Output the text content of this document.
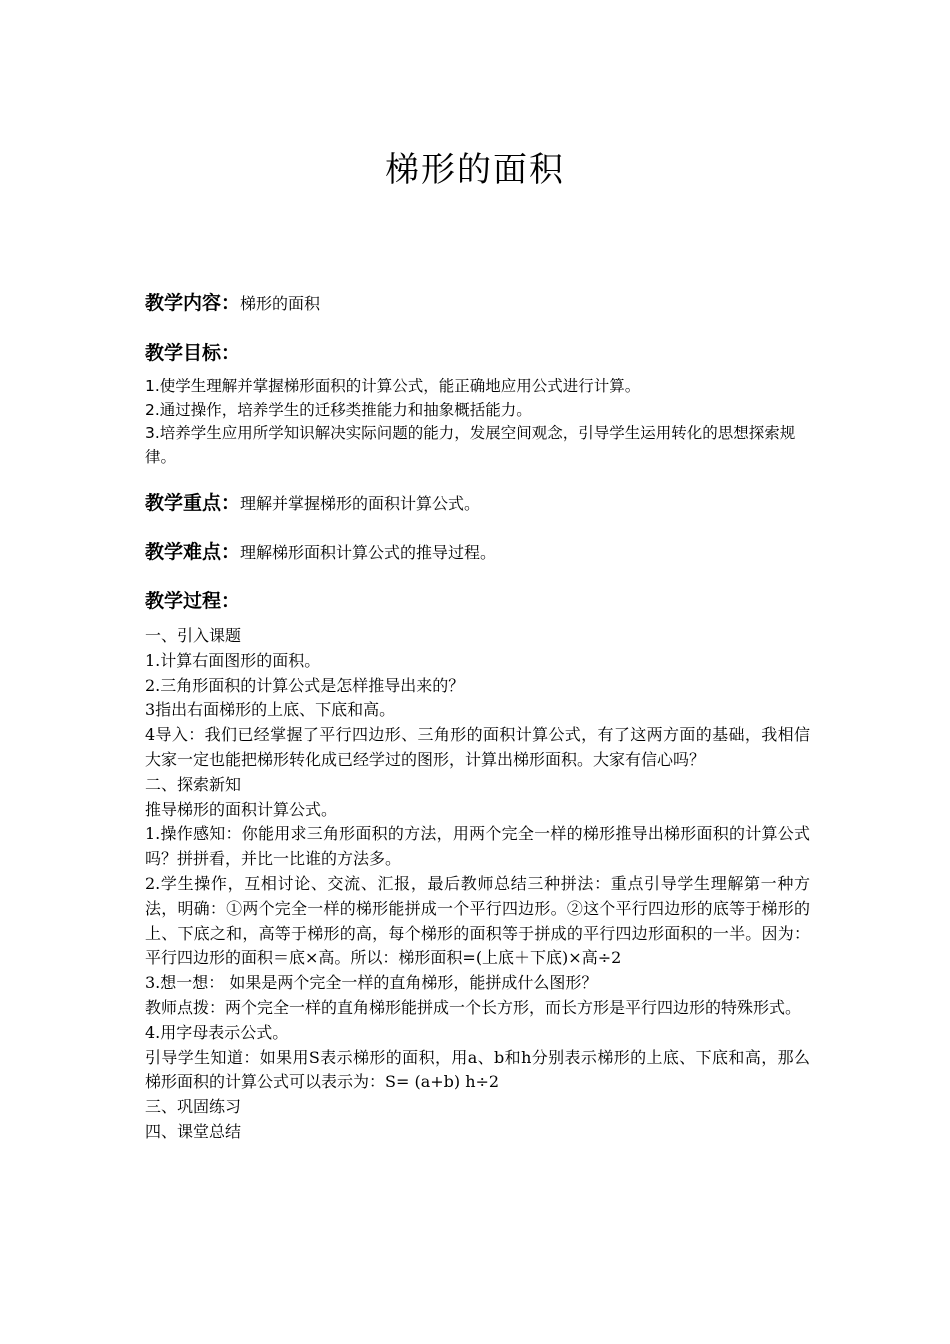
梯形的面积
教学内容：梯形的面积
教学目标：
1.使学生理解并掌握梯形面积的计算公式，能正确地应用公式进行计算。
2.通过操作，培养学生的迁移类推能力和抽象概括能力。
3.培养学生应用所学知识解决实际问题的能力，发展空间观念，引导学生运用转化的思想探索规律。
教学重点：理解并掌握梯形的面积计算公式。
教学难点：理解梯形面积计算公式的推导过程。
教学过程：
一、引入课题
1.计算右面图形的面积。
2.三角形面积的计算公式是怎样推导出来的？
3指出右面梯形的上底、下底和高。
4导入：我们已经掌握了平行四边形、三角形的面积计算公式，有了这两方面的基础，我相信大家一定也能把梯形转化成已经学过的图形，计算出梯形面积。大家有信心吗？
二、探索新知
推导梯形的面积计算公式。
1.操作感知：你能用求三角形面积的方法，用两个完全一样的梯形推导出梯形面积的计算公式吗？拼拼看，并比一比谁的方法多。
2.学生操作，互相讨论、交流、汇报，最后教师总结三种拼法：重点引导学生理解第一种方法，明确：①两个完全一样的梯形能拼成一个平行四边形。②这个平行四边形的底等于梯形的上、下底之和，高等于梯形的高，每个梯形的面积等于拼成的平行四边形面积的一半。因为：平行四边形的面积＝底×高。所以：梯形面积=(上底＋下底)×高÷2
3.想一想： 如果是两个完全一样的直角梯形，能拼成什么图形？
教师点拨：两个完全一样的直角梯形能拼成一个长方形，而长方形是平行四边形的特殊形式。
4.用字母表示公式。
引导学生知道：如果用S表示梯形的面积，用a、b和h分别表示梯形的上底、下底和高，那么梯形面积的计算公式可以表示为：S= (a+b) h÷2
三、巩固练习
四、课堂总结
